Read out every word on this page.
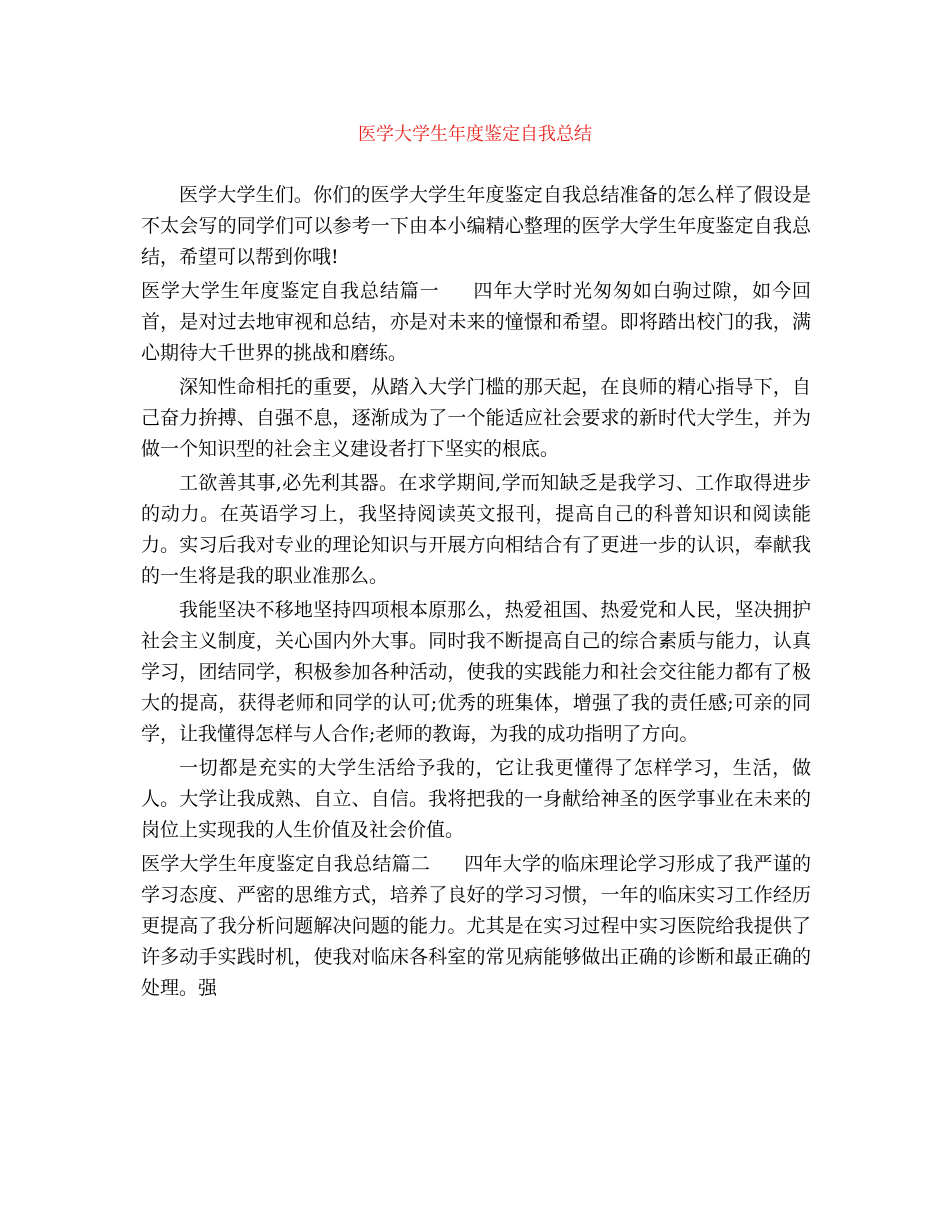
医学大学生年度鉴定自我总结

医学大学生们。你们的医学大学生年度鉴定自我总结准备的怎么样了假设是不太会写的同学们可以参考一下由本小编精心整理的医学大学生年度鉴定自我总结，希望可以帮到你哦!

医学大学生年度鉴定自我总结篇一 四年大学时光匆匆如白驹过隙，如今回首，是对过去地审视和总结，亦是对未来的憧憬和希望。即将踏出校门的我，满心期待大千世界的挑战和磨练。

深知性命相托的重要，从踏入大学门槛的那天起，在良师的精心指导下，自己奋力拚搏、自强不息，逐渐成为了一个能适应社会要求的新时代大学生，并为做一个知识型的社会主义建设者打下坚实的根底。

工欲善其事,必先利其器。在求学期间,学而知缺乏是我学习、工作取得进步的动力。在英语学习上，我坚持阅读英文报刊，提高自己的科普知识和阅读能力。实习后我对专业的理论知识与开展方向相结合有了更进一步的认识，奉献我的一生将是我的职业准那么。

我能坚决不移地坚持四项根本原那么，热爱祖国、热爱党和人民，坚决拥护社会主义制度，关心国内外大事。同时我不断提高自己的综合素质与能力，认真学习，团结同学，积极参加各种活动，使我的实践能力和社会交往能力都有了极大的提高，获得老师和同学的认可;优秀的班集体，增强了我的责任感;可亲的同学，让我懂得怎样与人合作;老师的教诲，为我的成功指明了方向。

一切都是充实的大学生活给予我的，它让我更懂得了怎样学习，生活，做人。大学让我成熟、自立、自信。我将把我的一身献给神圣的医学事业在未来的岗位上实现我的人生价值及社会价值。

医学大学生年度鉴定自我总结篇二 四年大学的临床理论学习形成了我严谨的学习态度、严密的思维方式，培养了良好的学习习惯，一年的临床实习工作经历更提高了我分析问题解决问题的能力。尤其是在实习过程中实习医院给我提供了许多动手实践时机，使我对临床各科室的常见病能够做出正确的诊断和最正确的处理。强
